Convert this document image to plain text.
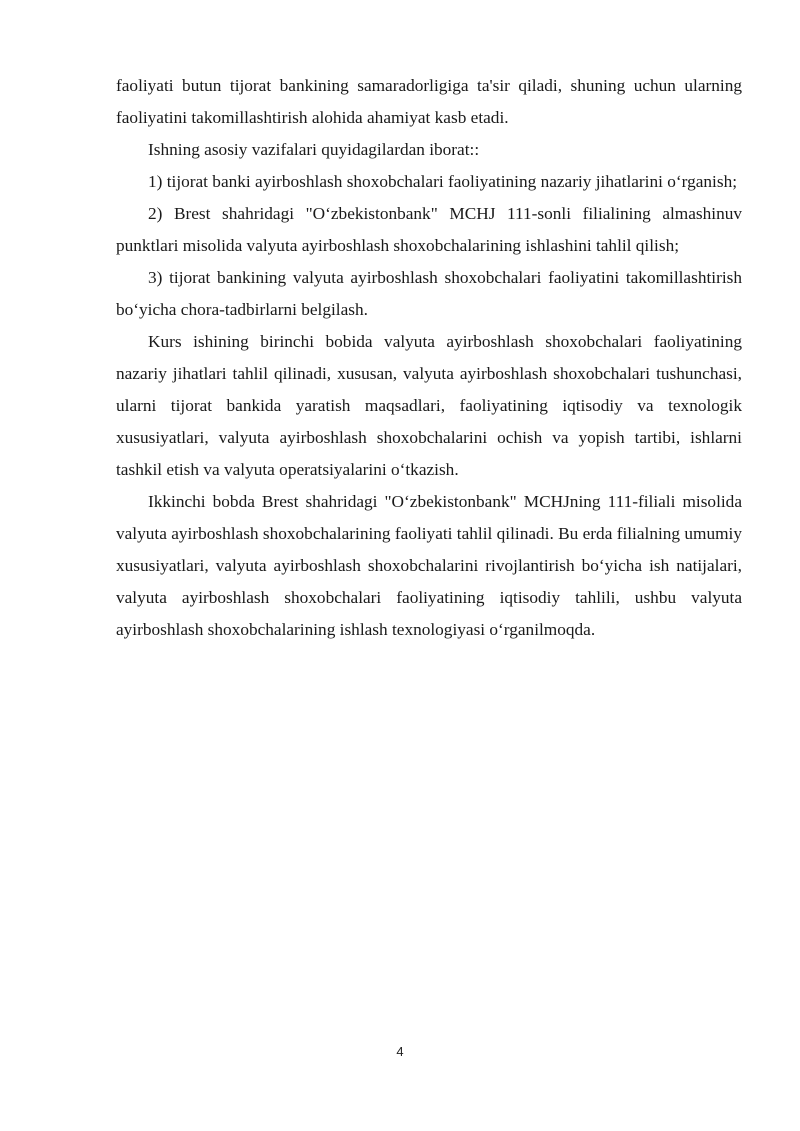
faoliyati butun tijorat bankining samaradorligiga ta'sir qiladi, shuning uchun ularning faoliyatini takomillashtirish alohida ahamiyat kasb etadi.

Ishning asosiy vazifalari quyidagilardan iborat::

1) tijorat banki ayirboshlash shoxobchalari faoliyatining nazariy jihatlarini o‘rganish;

2) Brest shahridagi "O‘zbekistonbank" MCHJ 111-sonli filialining almashinuv punktlari misolida valyuta ayirboshlash shoxobchalarining ishlashini tahlil qilish;

3) tijorat bankining valyuta ayirboshlash shoxobchalari faoliyatini takomillashtirish bo‘yicha chora-tadbirlarni belgilash.

Kurs ishining birinchi bobida valyuta ayirboshlash shoxobchalari faoliyatining nazariy jihatlari tahlil qilinadi, xususan, valyuta ayirboshlash shoxobchalari tushunchasi, ularni tijorat bankida yaratish maqsadlari, faoliyatining iqtisodiy va texnologik xususiyatlari, valyuta ayirboshlash shoxobchalarini ochish va yopish tartibi, ishlarni tashkil etish va valyuta operatsiyalarini o‘tkazish.

Ikkinchi bobda Brest shahridagi "O‘zbekistonbank" MCHJning 111-filiali misolida valyuta ayirboshlash shoxobchalarining faoliyati tahlil qilinadi. Bu erda filialning umumiy xususiyatlari, valyuta ayirboshlash shoxobchalarini rivojlantirish bo‘yicha ish natijalari, valyuta ayirboshlash shoxobchalari faoliyatining iqtisodiy tahlili, ushbu valyuta ayirboshlash shoxobchalarining ishlash texnologiyasi o‘rganilmoqda.

4
